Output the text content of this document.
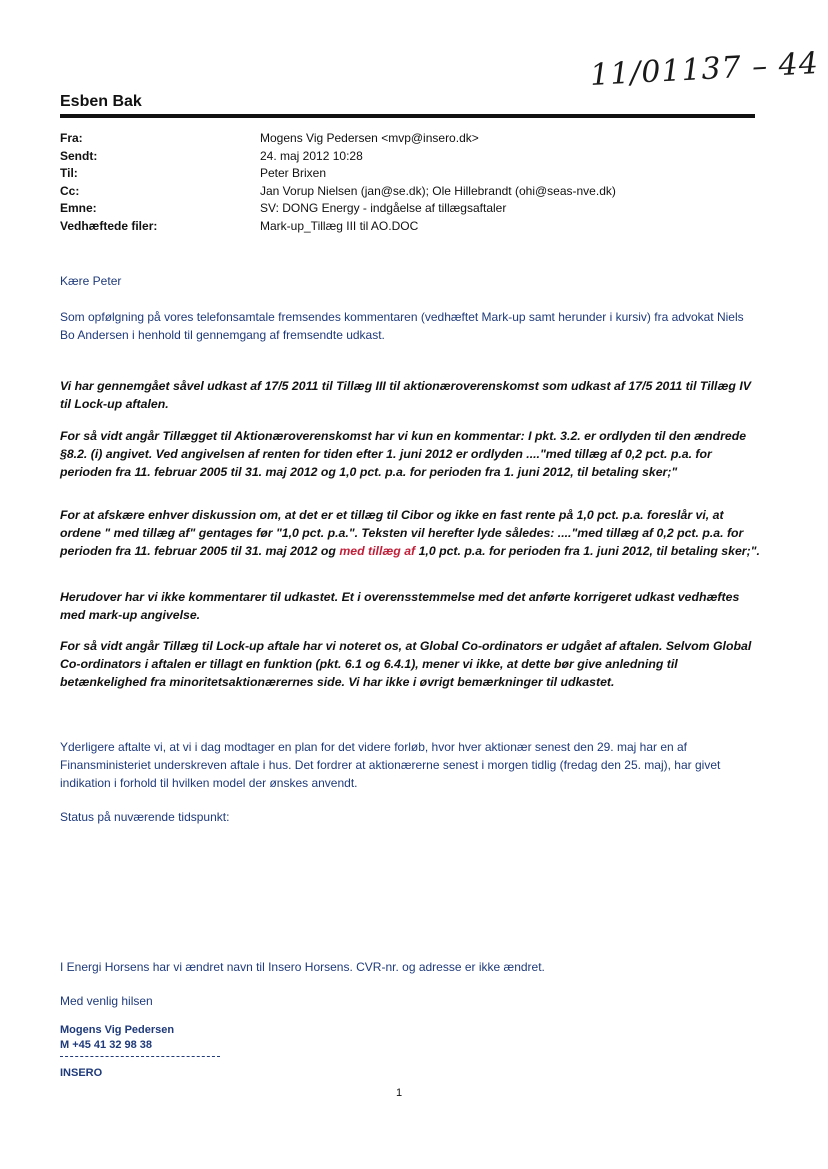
11/01137 – 44
Esben Bak
Fra:	Mogens Vig Pedersen <mvp@insero.dk>
Sendt:	24. maj 2012 10:28
Til:	Peter Brixen
Cc:	Jan Vorup Nielsen (jan@se.dk); Ole Hillebrandt (ohi@seas-nve.dk)
Emne:	SV: DONG Energy - indgåelse af tillægsaftaler
Vedhæftede filer:	Mark-up_Tillæg III til AO.DOC
Kære Peter
Som opfølgning på vores telefonsamtale fremsendes kommentaren (vedhæftet Mark-up samt herunder i kursiv) fra advokat Niels Bo Andersen i henhold til gennemgang af fremsendte udkast.
Vi har gennemgået såvel udkast af 17/5 2011 til Tillæg III til aktionæroverenskomst som udkast af 17/5 2011 til Tillæg IV til Lock-up aftalen.
For så vidt angår Tillægget til Aktionæroverenskomst har vi kun en kommentar: I pkt. 3.2. er ordlyden til den ændrede §8.2. (i) angivet. Ved angivelsen af renten for tiden efter 1. juni 2012 er ordlyden ...."med tillæg af 0,2 pct. p.a. for perioden fra 11. februar 2005 til 31. maj 2012 og 1,0 pct. p.a. for perioden fra 1. juni 2012, til betaling sker;"
For at afskære enhver diskussion om, at det er et tillæg til Cibor og ikke en fast rente på 1,0 pct. p.a. foreslår vi, at ordene " med tillæg af" gentages før "1,0 pct. p.a.". Teksten vil herefter lyde således: ...."med tillæg af 0,2 pct. p.a. for perioden fra 11. februar 2005 til 31. maj 2012 og med tillæg af 1,0 pct. p.a. for perioden fra 1. juni 2012, til betaling sker;".
Herudover har vi ikke kommentarer til udkastet. Et i overensstemmelse med det anførte korrigeret udkast vedhæftes med mark-up angivelse.
For så vidt angår Tillæg til Lock-up aftale har vi noteret os, at Global Co-ordinators er udgået af aftalen. Selvom Global Co-ordinators i aftalen er tillagt en funktion (pkt. 6.1 og 6.4.1), mener vi ikke, at dette bør give anledning til betænkelighed fra minoritetsaktionærernes side. Vi har ikke i øvrigt bemærkninger til udkastet.
Yderligere aftalte vi, at vi i dag modtager en plan for det videre forløb, hvor hver aktionær senest den 29. maj har en af Finansministeriet underskreven aftale i hus. Det fordrer at aktionærerne senest i morgen tidlig (fredag den 25. maj), har givet indikation i forhold til hvilken model der ønskes anvendt.
Status på nuværende tidspunkt:
I Energi Horsens har vi ændret navn til Insero Horsens. CVR-nr. og adresse er ikke ændret.
Med venlig hilsen
Mogens Vig Pedersen
M +45 41 32 98 38
INSERO
1
